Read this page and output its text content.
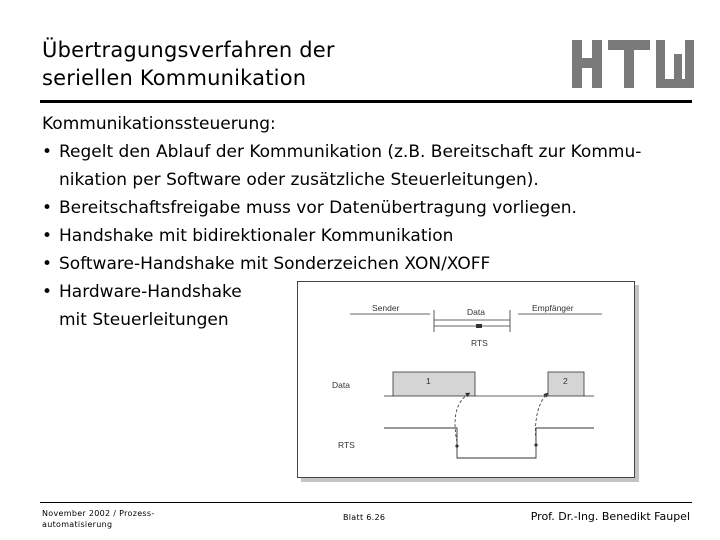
Übertragungsverfahren der
seriellen Kommunikation

Kommunikationssteuerung:

• Regelt den Ablauf der Kommunikation (z.B. Bereitschaft zur Kommu-
nikation per Software oder zusätzliche Steuerleitungen).
• Bereitschaftsfreigabe muss vor Datenübertragung vorliegen.
• Handshake mit bidirektionaler Kommunikation
• Software-Handshake mit Sonderzeichen XON/XOFF
• Hardware-Handshake
mit Steuerleitungen
Sender	Data	Empfänger
RTS
Data	1	2
RTS
November 2002 / Prozess-
automatisierung
Blatt 6.26	Prof. Dr.-Ing. Benedikt Faupel
